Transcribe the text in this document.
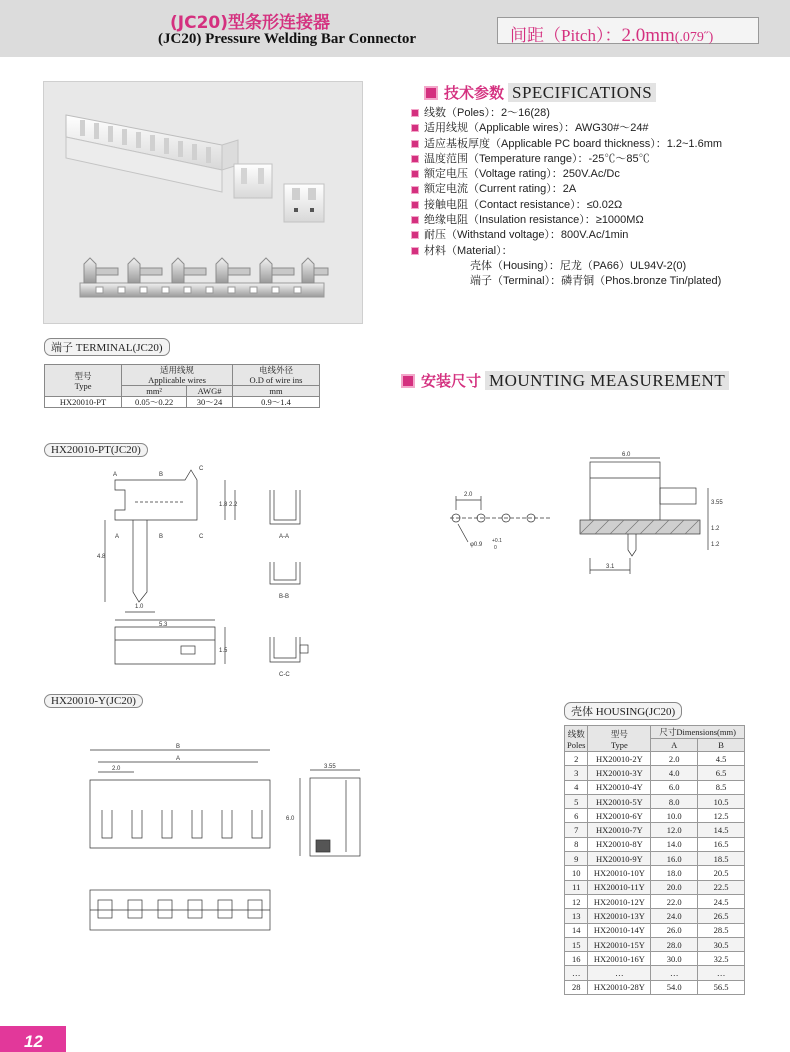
(JC20)型条形连接器
(JC20) Pressure Welding Bar Connector	间距（Pitch）：2.0mm(.079˝)
技术参数 SPECIFICATIONS
线数（Poles）：2～16(28)
适用线规（Applicable wires）：AWG30#～24#
适应基板厚度（Applicable PC board thickness）：1.2~1.6mm
温度范围（Temperature range）：-25℃～85℃
额定电压（Voltage rating）：250V.Ac/Dc
额定电流（Current rating）：2A
接触电阻（Contact resistance）：≤0.02Ω
绝缘电阻（Insulation resistance）：≥1000MΩ
耐压（Withstand voltage）：800V.Ac/1min
材料（Material）：
壳体（Housing）：尼龙（PA66）UL94V-2(0)
端子（Terminal）：磷青铜（Phos.bronze Tin/plated)
端子 TERMINAL(JC20)
型号
Type	适用线规
Applicable wires		电线外径
O.D of wire ins
	mm²	AWG#	mm
HX20010-PT	0.05～0.22	30～24	0.9～1.4
安装尺寸 MOUNTING MEASUREMENT
2.0
6.0
3.55
1.2
1.2
3.1
φ0.9
+0.1
0
HX20010-PT(JC20)
A	B
C
A	B	C
1.8 2.2
4.8
1.0
5.3
1.5
A-A
B-B
C-C
HX20010-Y(JC20)
B
A
2.0	3.55
6.0
壳体 HOUSING(JC20)
线数
Poles	型号
Type	尺寸Dimensions(mm)	
		A	B
2	HX20010-2Y	2.0	4.5
3	HX20010-3Y	4.0	6.5
4	HX20010-4Y	6.0	8.5
5	HX20010-5Y	8.0	10.5
6	HX20010-6Y	10.0	12.5
7	HX20010-7Y	12.0	14.5
8	HX20010-8Y	14.0	16.5
9	HX20010-9Y	16.0	18.5
10	HX20010-10Y	18.0	20.5
11	HX20010-11Y	20.0	22.5
12	HX20010-12Y	22.0	24.5
13	HX20010-13Y	24.0	26.5
14	HX20010-14Y	26.0	28.5
15	HX20010-15Y	28.0	30.5
16	HX20010-16Y	30.0	32.5
…	…	…	…
28	HX20010-28Y	54.0	56.5
12
